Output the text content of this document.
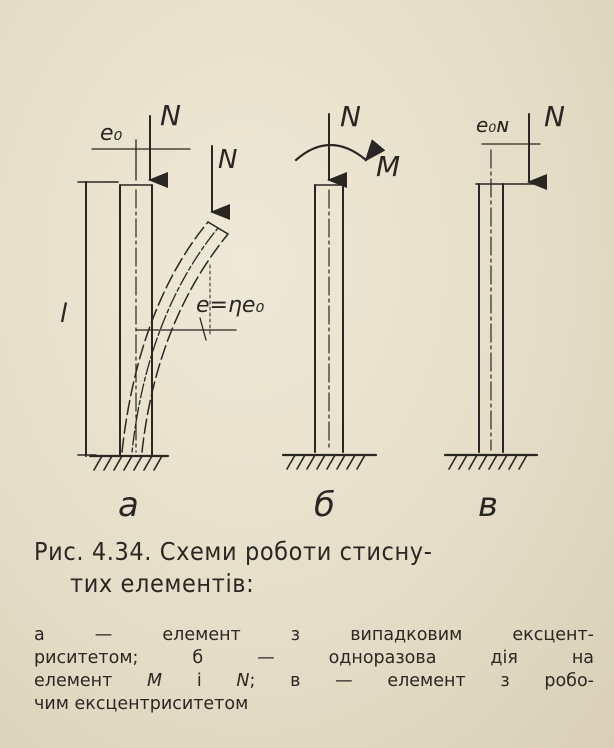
N
e₀
N
l	e=ηe₀
а
N
M
б
N
e₀ɴ
в
Рис. 4.34. Схеми роботи стисну-
тих елементів:
а — елемент з випадковим ексцент-
риситетом; б — одноразова дія на
елемент M і N; в — елемент з робо-
чим ексцентриситетом
